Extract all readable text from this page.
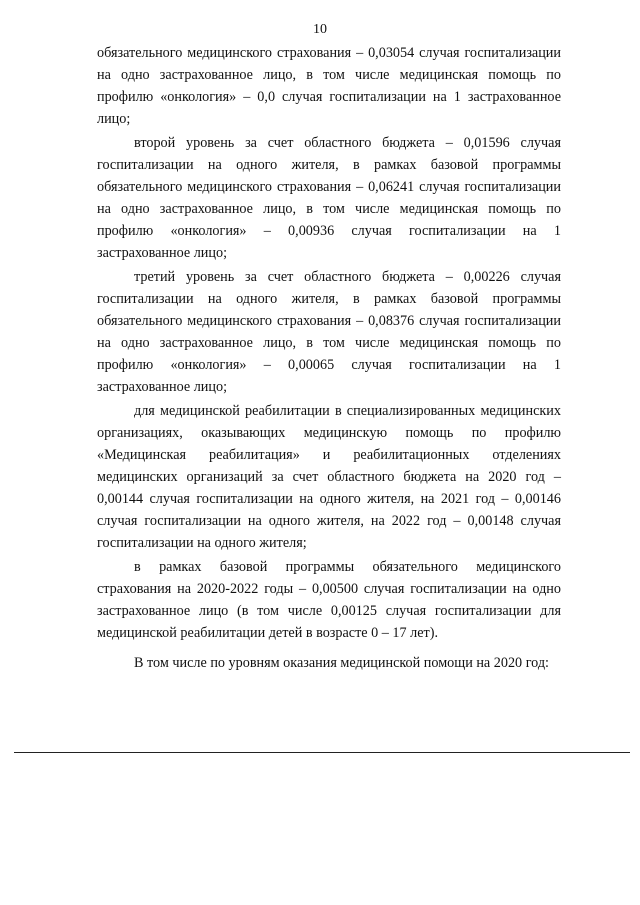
10

обязательного медицинского страхования – 0,03054 случая госпитализации на одно застрахованное лицо, в том числе медицинская помощь по профилю «онкология» – 0,0 случая госпитализации на 1 застрахованное лицо;

второй уровень за счет областного бюджета – 0,01596 случая госпитализации на одного жителя, в рамках базовой программы обязательного медицинского страхования – 0,06241 случая госпитализации на одно застрахованное лицо, в том числе медицинская помощь по профилю «онкология» – 0,00936 случая госпитализации на 1 застрахованное лицо;

третий уровень за счет областного бюджета – 0,00226 случая госпитализации на одного жителя, в рамках базовой программы обязательного медицинского страхования – 0,08376 случая госпитализации на одно застрахованное лицо, в том числе медицинская помощь по профилю «онкология» – 0,00065 случая госпитализации на 1 застрахованное лицо;

для медицинской реабилитации в специализированных медицинских организациях, оказывающих медицинскую помощь по профилю «Медицинская реабилитация» и реабилитационных отделениях медицинских организаций за счет областного бюджета на 2020 год – 0,00144 случая госпитализации на одного жителя, на 2021 год – 0,00146 случая госпитализации на одного жителя, на 2022 год – 0,00148 случая госпитализации на одного жителя;

в рамках базовой программы обязательного медицинского страхования на 2020-2022 годы – 0,00500 случая госпитализации на одно застрахованное лицо (в том числе 0,00125 случая госпитализации для медицинской реабилитации детей в возрасте 0 – 17 лет).

В том числе по уровням оказания медицинской помощи на 2020 год:
